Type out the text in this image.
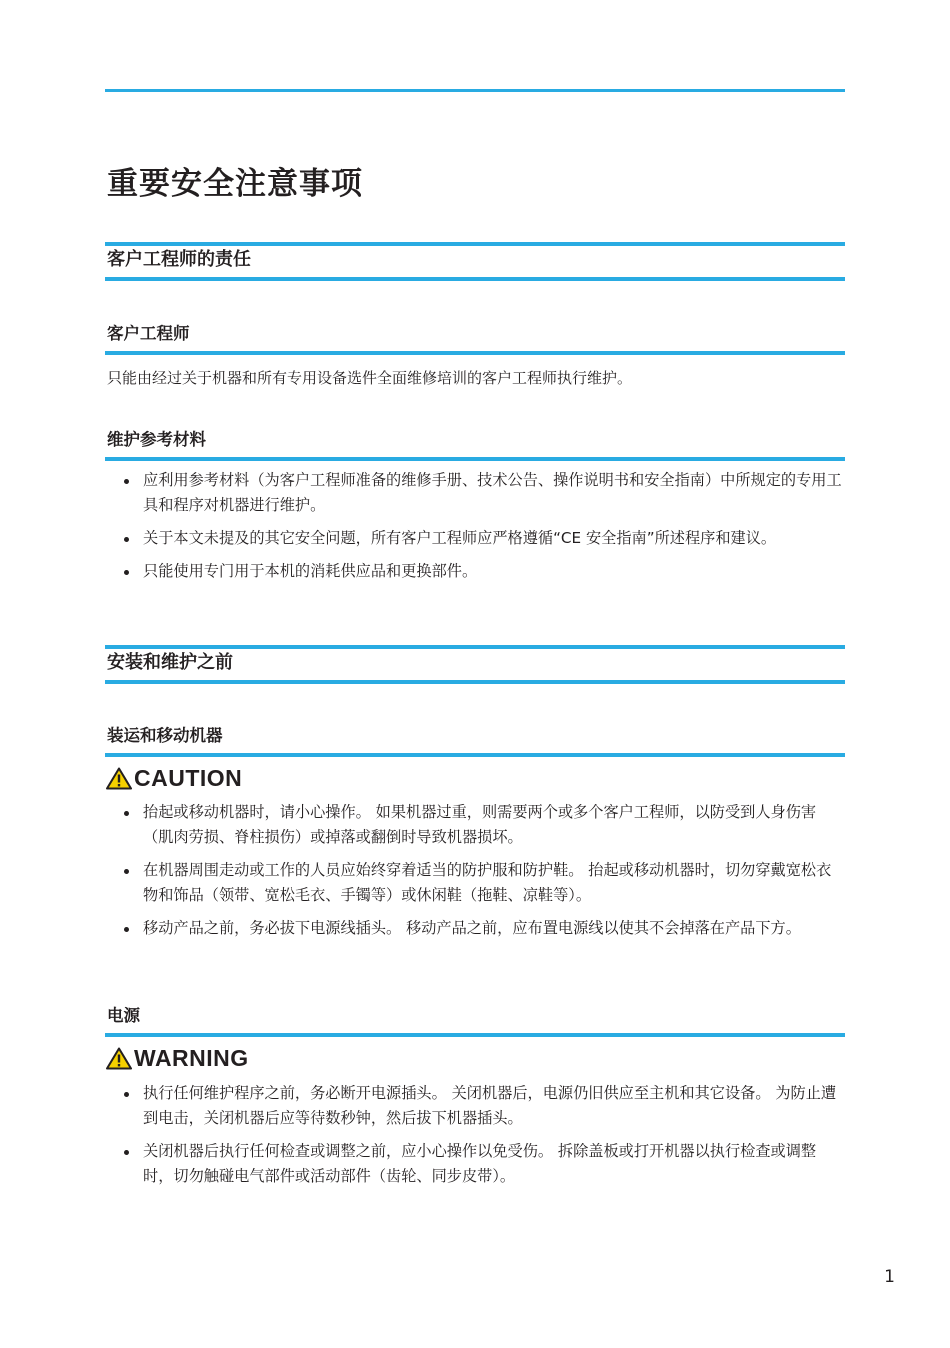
重要安全注意事项
客户工程师的责任
客户工程师

只能由经过关于机器和所有专用设备选件全面维修培训的客户工程师执行维护。

维护参考材料
应利用参考材料（为客户工程师准备的维修手册、技术公告、操作说明书和安全指南）中所规定的专用工具和程序对机器进行维护。
关于本文未提及的其它安全问题，所有客户工程师应严格遵循“CE 安全指南”所述程序和建议。
只能使用专门用于本机的消耗供应品和更换部件。
安装和维护之前
装运和移动机器
CAUTION
抬起或移动机器时，请小心操作。 如果机器过重，则需要两个或多个客户工程师，以防受到人身伤害（肌肉劳损、脊柱损伤）或掉落或翻倒时导致机器损坏。
在机器周围走动或工作的人员应始终穿着适当的防护服和防护鞋。 抬起或移动机器时，切勿穿戴宽松衣物和饰品（领带、宽松毛衣、手镯等）或休闲鞋（拖鞋、凉鞋等）。
移动产品之前，务必拔下电源线插头。 移动产品之前，应布置电源线以使其不会掉落在产品下方。
电源
WARNING
执行任何维护程序之前，务必断开电源插头。 关闭机器后，电源仍旧供应至主机和其它设备。 为防止遭到电击，关闭机器后应等待数秒钟，然后拔下机器插头。
关闭机器后执行任何检查或调整之前，应小心操作以免受伤。 拆除盖板或打开机器以执行检查或调整时，切勿触碰电气部件或活动部件（齿轮、同步皮带）。
1
